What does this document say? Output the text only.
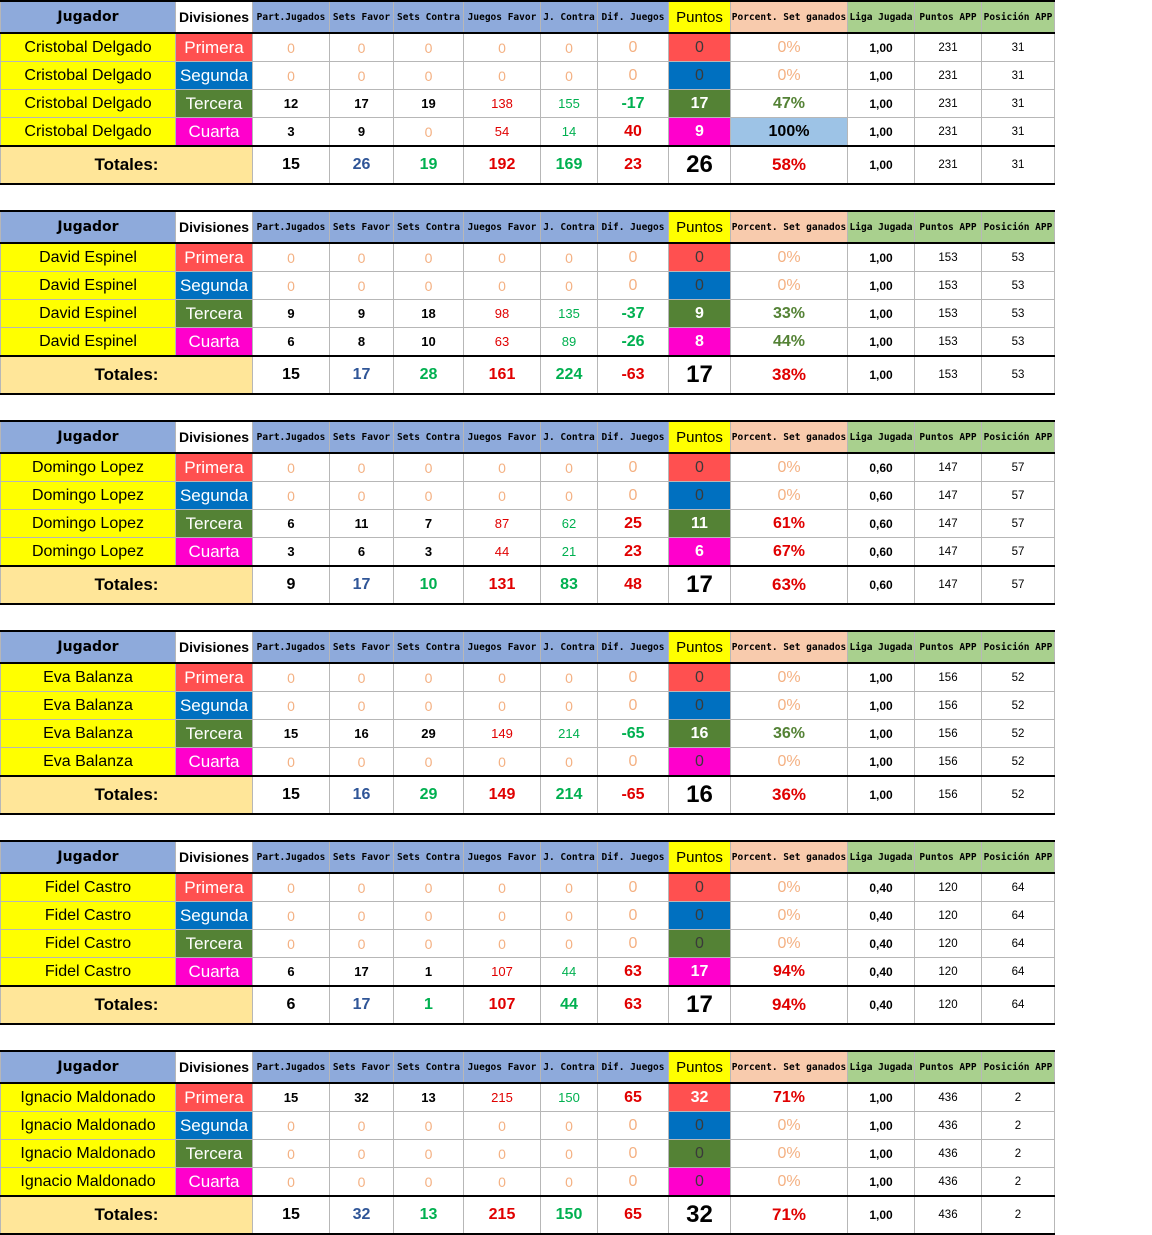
Jugador	Divisiones	Part.Jugados	Sets Favor	Sets Contra	Juegos Favor	J. Contra	Dif. Juegos	Puntos	Porcent. Set ganados	Liga Jugada	Puntos APP	Posición APP
Cristobal Delgado	Primera	0	0	0	0	0	0	0	0%	1,00	231	31
Cristobal Delgado	Segunda	0	0	0	0	0	0	0	0%	1,00	231	31
Cristobal Delgado	Tercera	12	17	19	138	155	-17	17	47%	1,00	231	31
Cristobal Delgado	Cuarta	3	9	0	54	14	40	9	100%	1,00	231	31
Totales:		15	26	19	192	169	23	26	58%	1,00	231	31
Jugador	Divisiones	Part.Jugados	Sets Favor	Sets Contra	Juegos Favor	J. Contra	Dif. Juegos	Puntos	Porcent. Set ganados	Liga Jugada	Puntos APP	Posición APP
David Espinel	Primera	0	0	0	0	0	0	0	0%	1,00	153	53
David Espinel	Segunda	0	0	0	0	0	0	0	0%	1,00	153	53
David Espinel	Tercera	9	9	18	98	135	-37	9	33%	1,00	153	53
David Espinel	Cuarta	6	8	10	63	89	-26	8	44%	1,00	153	53
Totales:		15	17	28	161	224	-63	17	38%	1,00	153	53
Jugador	Divisiones	Part.Jugados	Sets Favor	Sets Contra	Juegos Favor	J. Contra	Dif. Juegos	Puntos	Porcent. Set ganados	Liga Jugada	Puntos APP	Posición APP
Domingo Lopez	Primera	0	0	0	0	0	0	0	0%	0,60	147	57
Domingo Lopez	Segunda	0	0	0	0	0	0	0	0%	0,60	147	57
Domingo Lopez	Tercera	6	11	7	87	62	25	11	61%	0,60	147	57
Domingo Lopez	Cuarta	3	6	3	44	21	23	6	67%	0,60	147	57
Totales:		9	17	10	131	83	48	17	63%	0,60	147	57
Jugador	Divisiones	Part.Jugados	Sets Favor	Sets Contra	Juegos Favor	J. Contra	Dif. Juegos	Puntos	Porcent. Set ganados	Liga Jugada	Puntos APP	Posición APP
Eva Balanza	Primera	0	0	0	0	0	0	0	0%	1,00	156	52
Eva Balanza	Segunda	0	0	0	0	0	0	0	0%	1,00	156	52
Eva Balanza	Tercera	15	16	29	149	214	-65	16	36%	1,00	156	52
Eva Balanza	Cuarta	0	0	0	0	0	0	0	0%	1,00	156	52
Totales:		15	16	29	149	214	-65	16	36%	1,00	156	52
Jugador	Divisiones	Part.Jugados	Sets Favor	Sets Contra	Juegos Favor	J. Contra	Dif. Juegos	Puntos	Porcent. Set ganados	Liga Jugada	Puntos APP	Posición APP
Fidel Castro	Primera	0	0	0	0	0	0	0	0%	0,40	120	64
Fidel Castro	Segunda	0	0	0	0	0	0	0	0%	0,40	120	64
Fidel Castro	Tercera	0	0	0	0	0	0	0	0%	0,40	120	64
Fidel Castro	Cuarta	6	17	1	107	44	63	17	94%	0,40	120	64
Totales:		6	17	1	107	44	63	17	94%	0,40	120	64
Jugador	Divisiones	Part.Jugados	Sets Favor	Sets Contra	Juegos Favor	J. Contra	Dif. Juegos	Puntos	Porcent. Set ganados	Liga Jugada	Puntos APP	Posición APP
Ignacio Maldonado	Primera	15	32	13	215	150	65	32	71%	1,00	436	2
Ignacio Maldonado	Segunda	0	0	0	0	0	0	0	0%	1,00	436	2
Ignacio Maldonado	Tercera	0	0	0	0	0	0	0	0%	1,00	436	2
Ignacio Maldonado	Cuarta	0	0	0	0	0	0	0	0%	1,00	436	2
Totales:		15	32	13	215	150	65	32	71%	1,00	436	2
